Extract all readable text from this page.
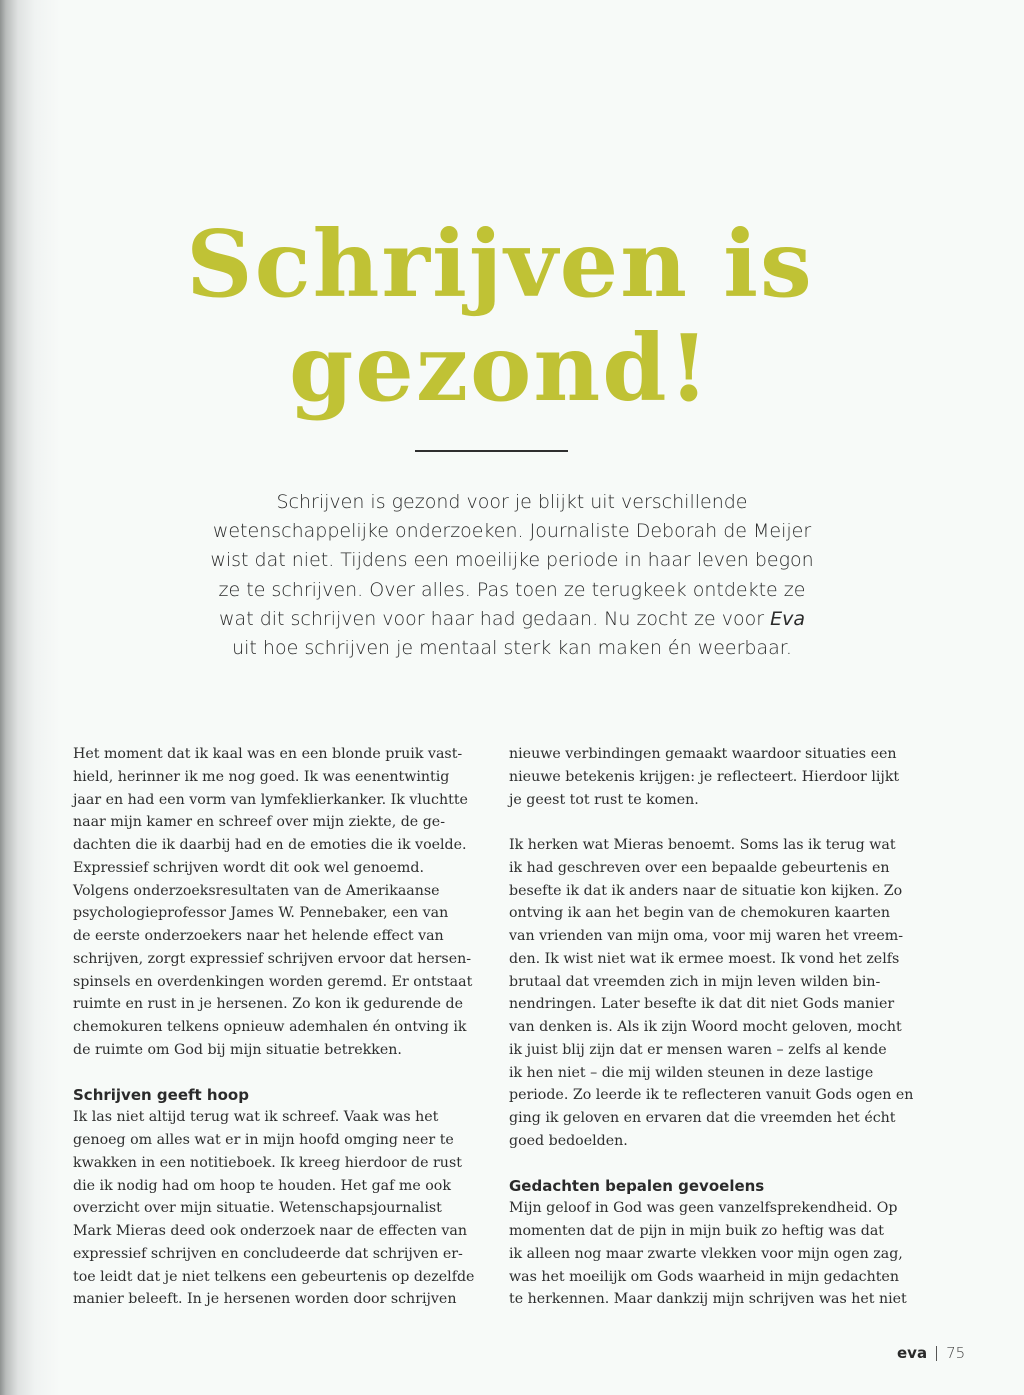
Schrijven is
gezond!

Schrijven is gezond voor je blijkt uit verschillende wetenschappelijke onderzoeken. Journaliste Deborah de Meijer wist dat niet. Tijdens een moeilijke periode in haar leven begon ze te schrijven. Over alles. Pas toen ze terugkeek ontdekte ze wat dit schrijven voor haar had gedaan. Nu zocht ze voor Eva uit hoe schrijven je mentaal sterk kan maken én weerbaar.

Het moment dat ik kaal was en een blonde pruik vast-
hield, herinner ik me nog goed. Ik was eenentwintig
jaar en had een vorm van lymfeklierkanker. Ik vluchtte
naar mijn kamer en schreef over mijn ziekte, de ge-
dachten die ik daarbij had en de emoties die ik voelde.
Expressief schrijven wordt dit ook wel genoemd.
Volgens onderzoeksresultaten van de Amerikaanse
psychologieprofessor James W. Pennebaker, een van
de eerste onderzoekers naar het helende effect van
schrijven, zorgt expressief schrijven ervoor dat hersen-
spinsels en overdenkingen worden geremd. Er ontstaat
ruimte en rust in je hersenen. Zo kon ik gedurende de
chemokuren telkens opnieuw ademhalen én ontving ik
de ruimte om God bij mijn situatie betrekken.

Schrijven geeft hoop

Ik las niet altijd terug wat ik schreef. Vaak was het
genoeg om alles wat er in mijn hoofd omging neer te
kwakken in een notitieboek. Ik kreeg hierdoor de rust
die ik nodig had om hoop te houden. Het gaf me ook
overzicht over mijn situatie. Wetenschapsjournalist
Mark Mieras deed ook onderzoek naar de effecten van
expressief schrijven en concludeerde dat schrijven er-
toe leidt dat je niet telkens een gebeurtenis op dezelfde
manier beleeft. In je hersenen worden door schrijven

nieuwe verbindingen gemaakt waardoor situaties een
nieuwe betekenis krijgen: je reflecteert. Hierdoor lijkt
je geest tot rust te komen.

Ik herken wat Mieras benoemt. Soms las ik terug wat
ik had geschreven over een bepaalde gebeurtenis en
besefte ik dat ik anders naar de situatie kon kijken. Zo
ontving ik aan het begin van de chemokuren kaarten
van vrienden van mijn oma, voor mij waren het vreem-
den. Ik wist niet wat ik ermee moest. Ik vond het zelfs
brutaal dat vreemden zich in mijn leven wilden bin-
nendringen. Later besefte ik dat dit niet Gods manier
van denken is. Als ik zijn Woord mocht geloven, mocht
ik juist blij zijn dat er mensen waren – zelfs al kende
ik hen niet – die mij wilden steunen in deze lastige
periode. Zo leerde ik te reflecteren vanuit Gods ogen en
ging ik geloven en ervaren dat die vreemden het écht
goed bedoelden.

Gedachten bepalen gevoelens

Mijn geloof in God was geen vanzelfsprekendheid. Op
momenten dat de pijn in mijn buik zo heftig was dat
ik alleen nog maar zwarte vlekken voor mijn ogen zag,
was het moeilijk om Gods waarheid in mijn gedachten
te herkennen. Maar dankzij mijn schrijven was het niet

eva 75
